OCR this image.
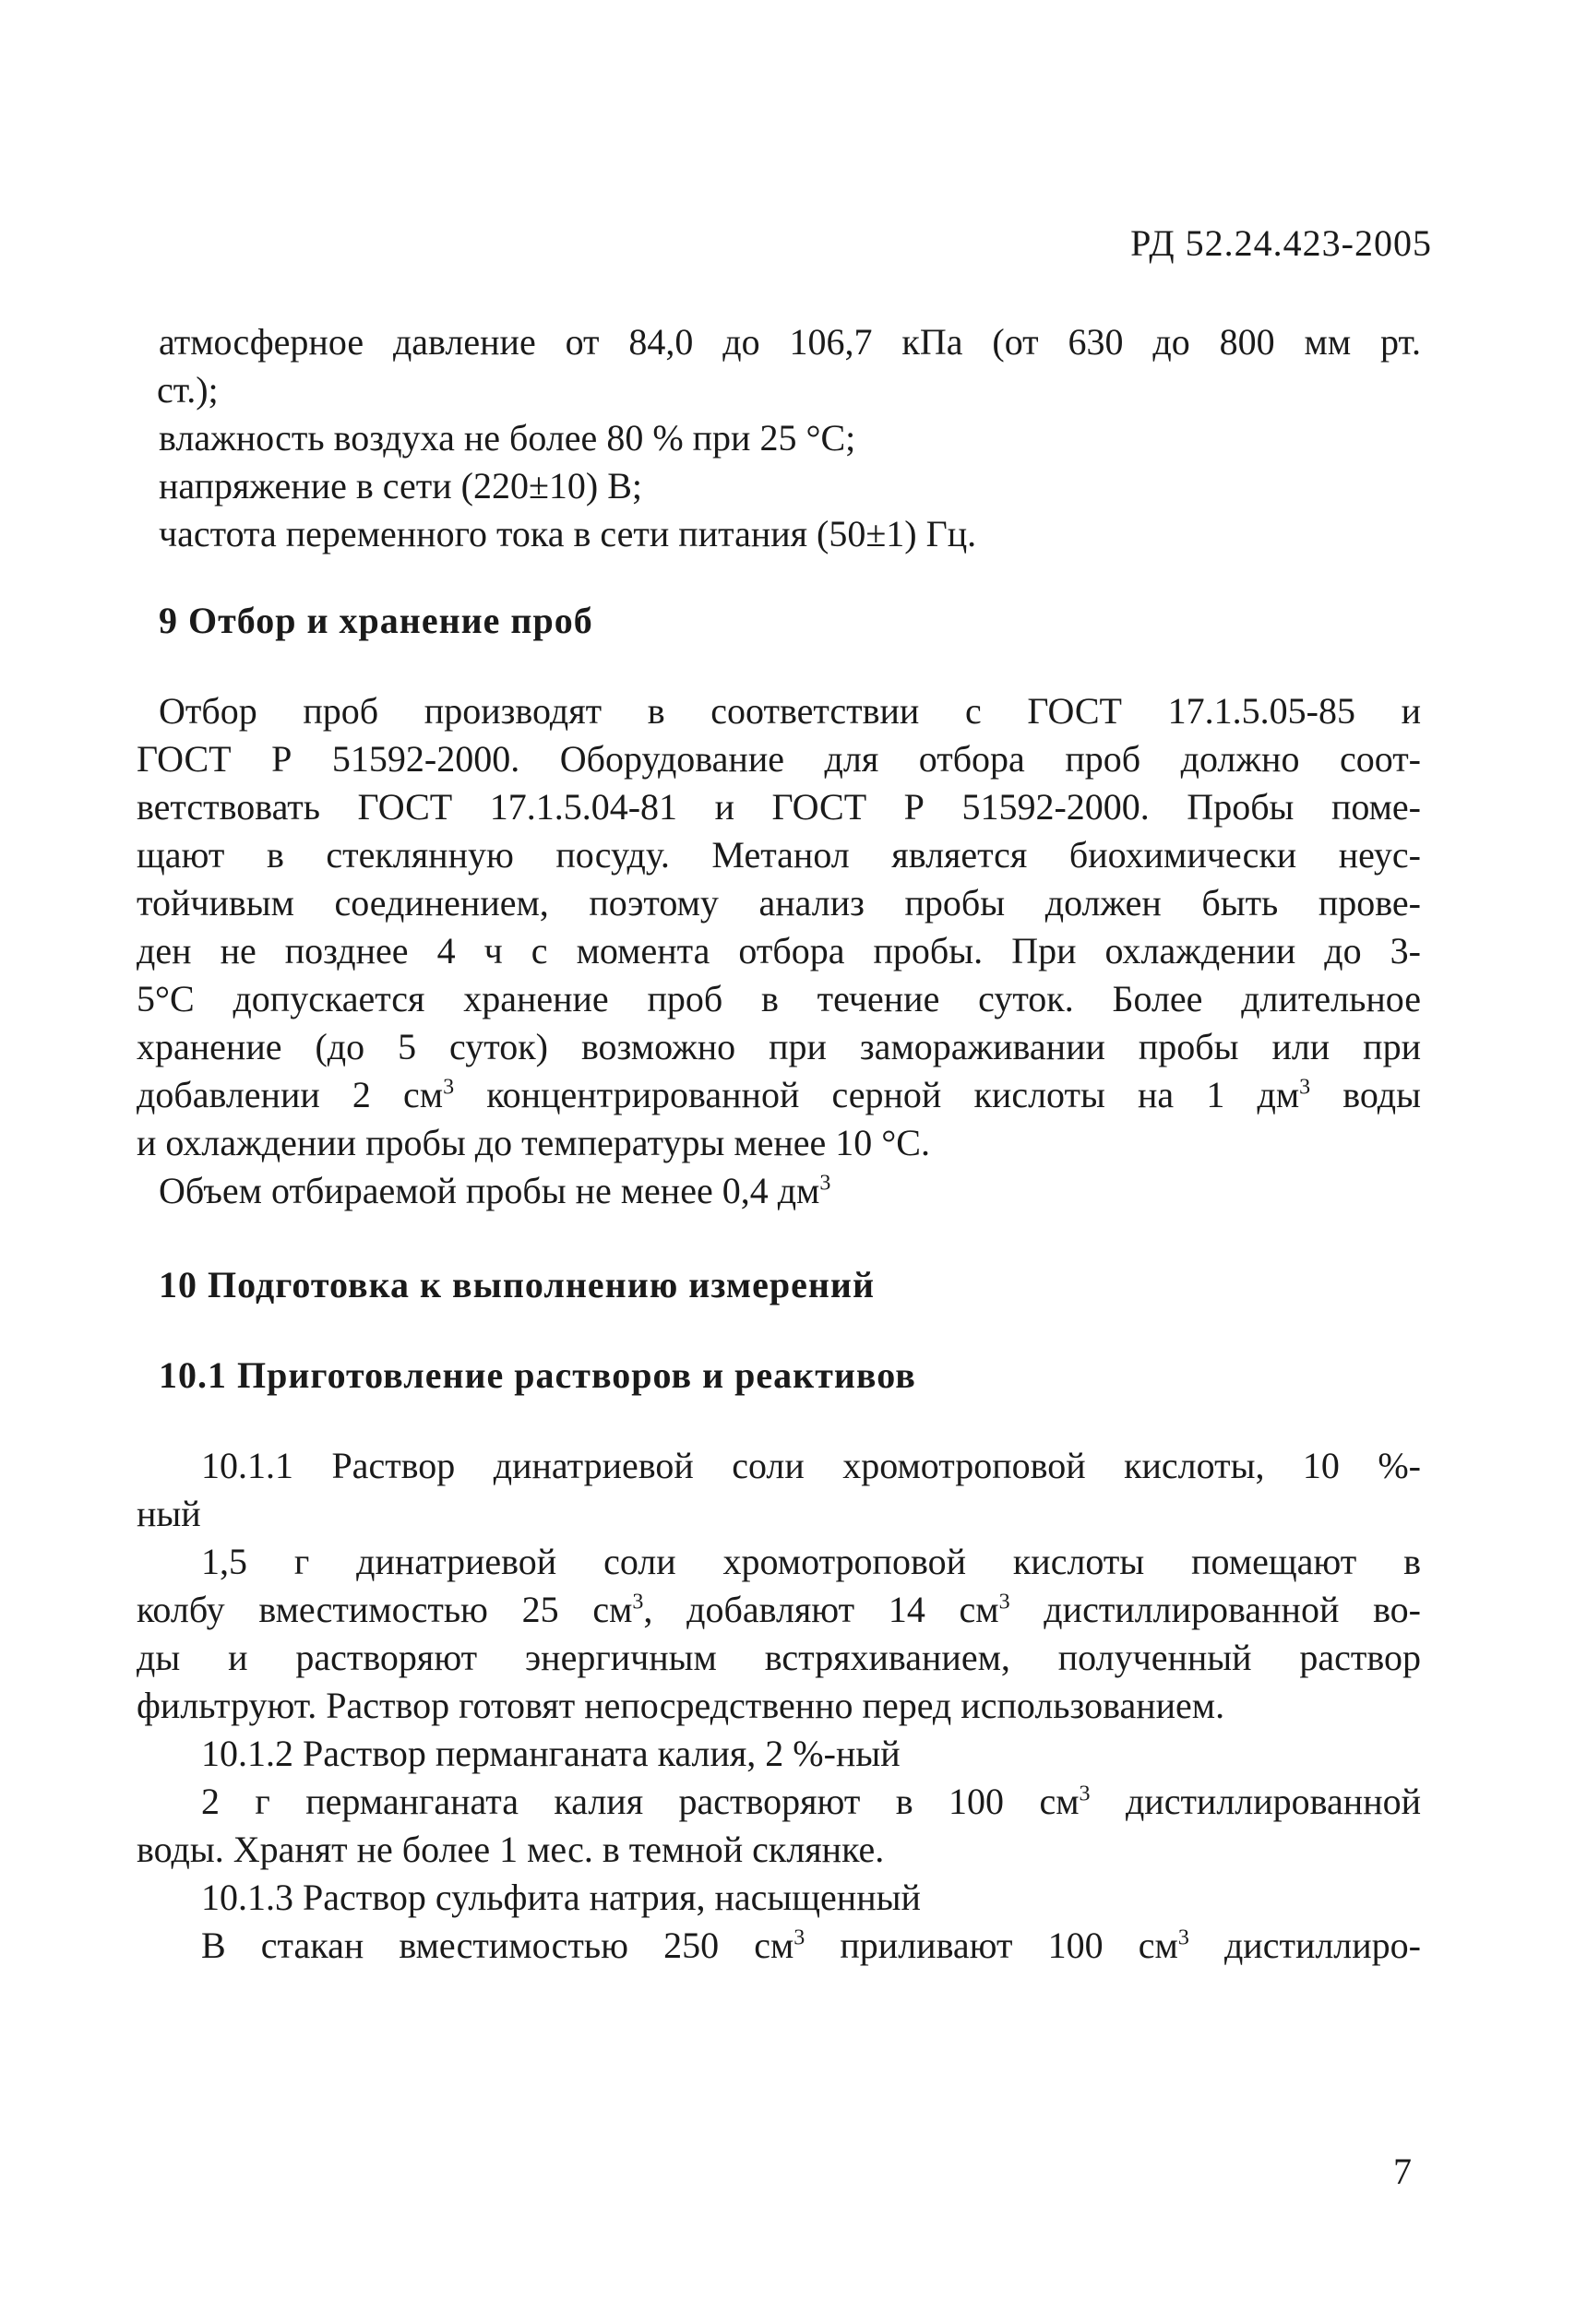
РД 52.24.423-2005
атмосферное давление от 84,0 до 106,7 кПа (от 630 до 800 мм рт.
ст.);
влажность воздуха не более 80 % при 25 °С;
напряжение в сети (220±10) В;
частота переменного тока в сети питания (50±1) Гц.
9 Отбор и хранение проб
Отбор проб производят в соответствии с ГОСТ 17.1.5.05-85 и
ГОСТ Р 51592-2000. Оборудование для отбора проб должно соот-
ветствовать ГОСТ 17.1.5.04-81 и ГОСТ Р 51592-2000. Пробы поме-
щают в стеклянную посуду. Метанол является биохимически неус-
тойчивым соединением, поэтому анализ пробы должен быть прове-
ден не позднее 4 ч с момента отбора пробы. При охлаждении до 3-
5°С допускается хранение проб в течение суток. Более длительное
хранение (до 5 суток) возможно при замораживании пробы или при
добавлении 2 $см^3$ концентрированной серной кислоты на 1 $дм^3$ воды
и охлаждении пробы до температуры менее 10 °С.
Объем отбираемой пробы не менее 0,4 $дм^3$
10 Подготовка к выполнению измерений
10.1 Приготовление растворов и реактивов
10.1.1 Раствор динатриевой соли хромотроповой кислоты, 10 %-
ный
1,5 г динатриевой соли хромотроповой кислоты помещают в
колбу вместимостью 25 $см^3$, добавляют 14 $см^3$ дистиллированной во-
ды и растворяют энергичным встряхиванием, полученный раствор
фильтруют. Раствор готовят непосредственно перед использованием.
10.1.2 Раствор перманганата калия, 2 %-ный
2 г перманганата калия растворяют в 100 $см^3$ дистиллированной
воды. Хранят не более 1 мес. в темной склянке.
10.1.3 Раствор сульфита натрия, насыщенный
В стакан вместимостью 250 $см^3$ приливают 100 $см^3$ дистиллиро-
7
